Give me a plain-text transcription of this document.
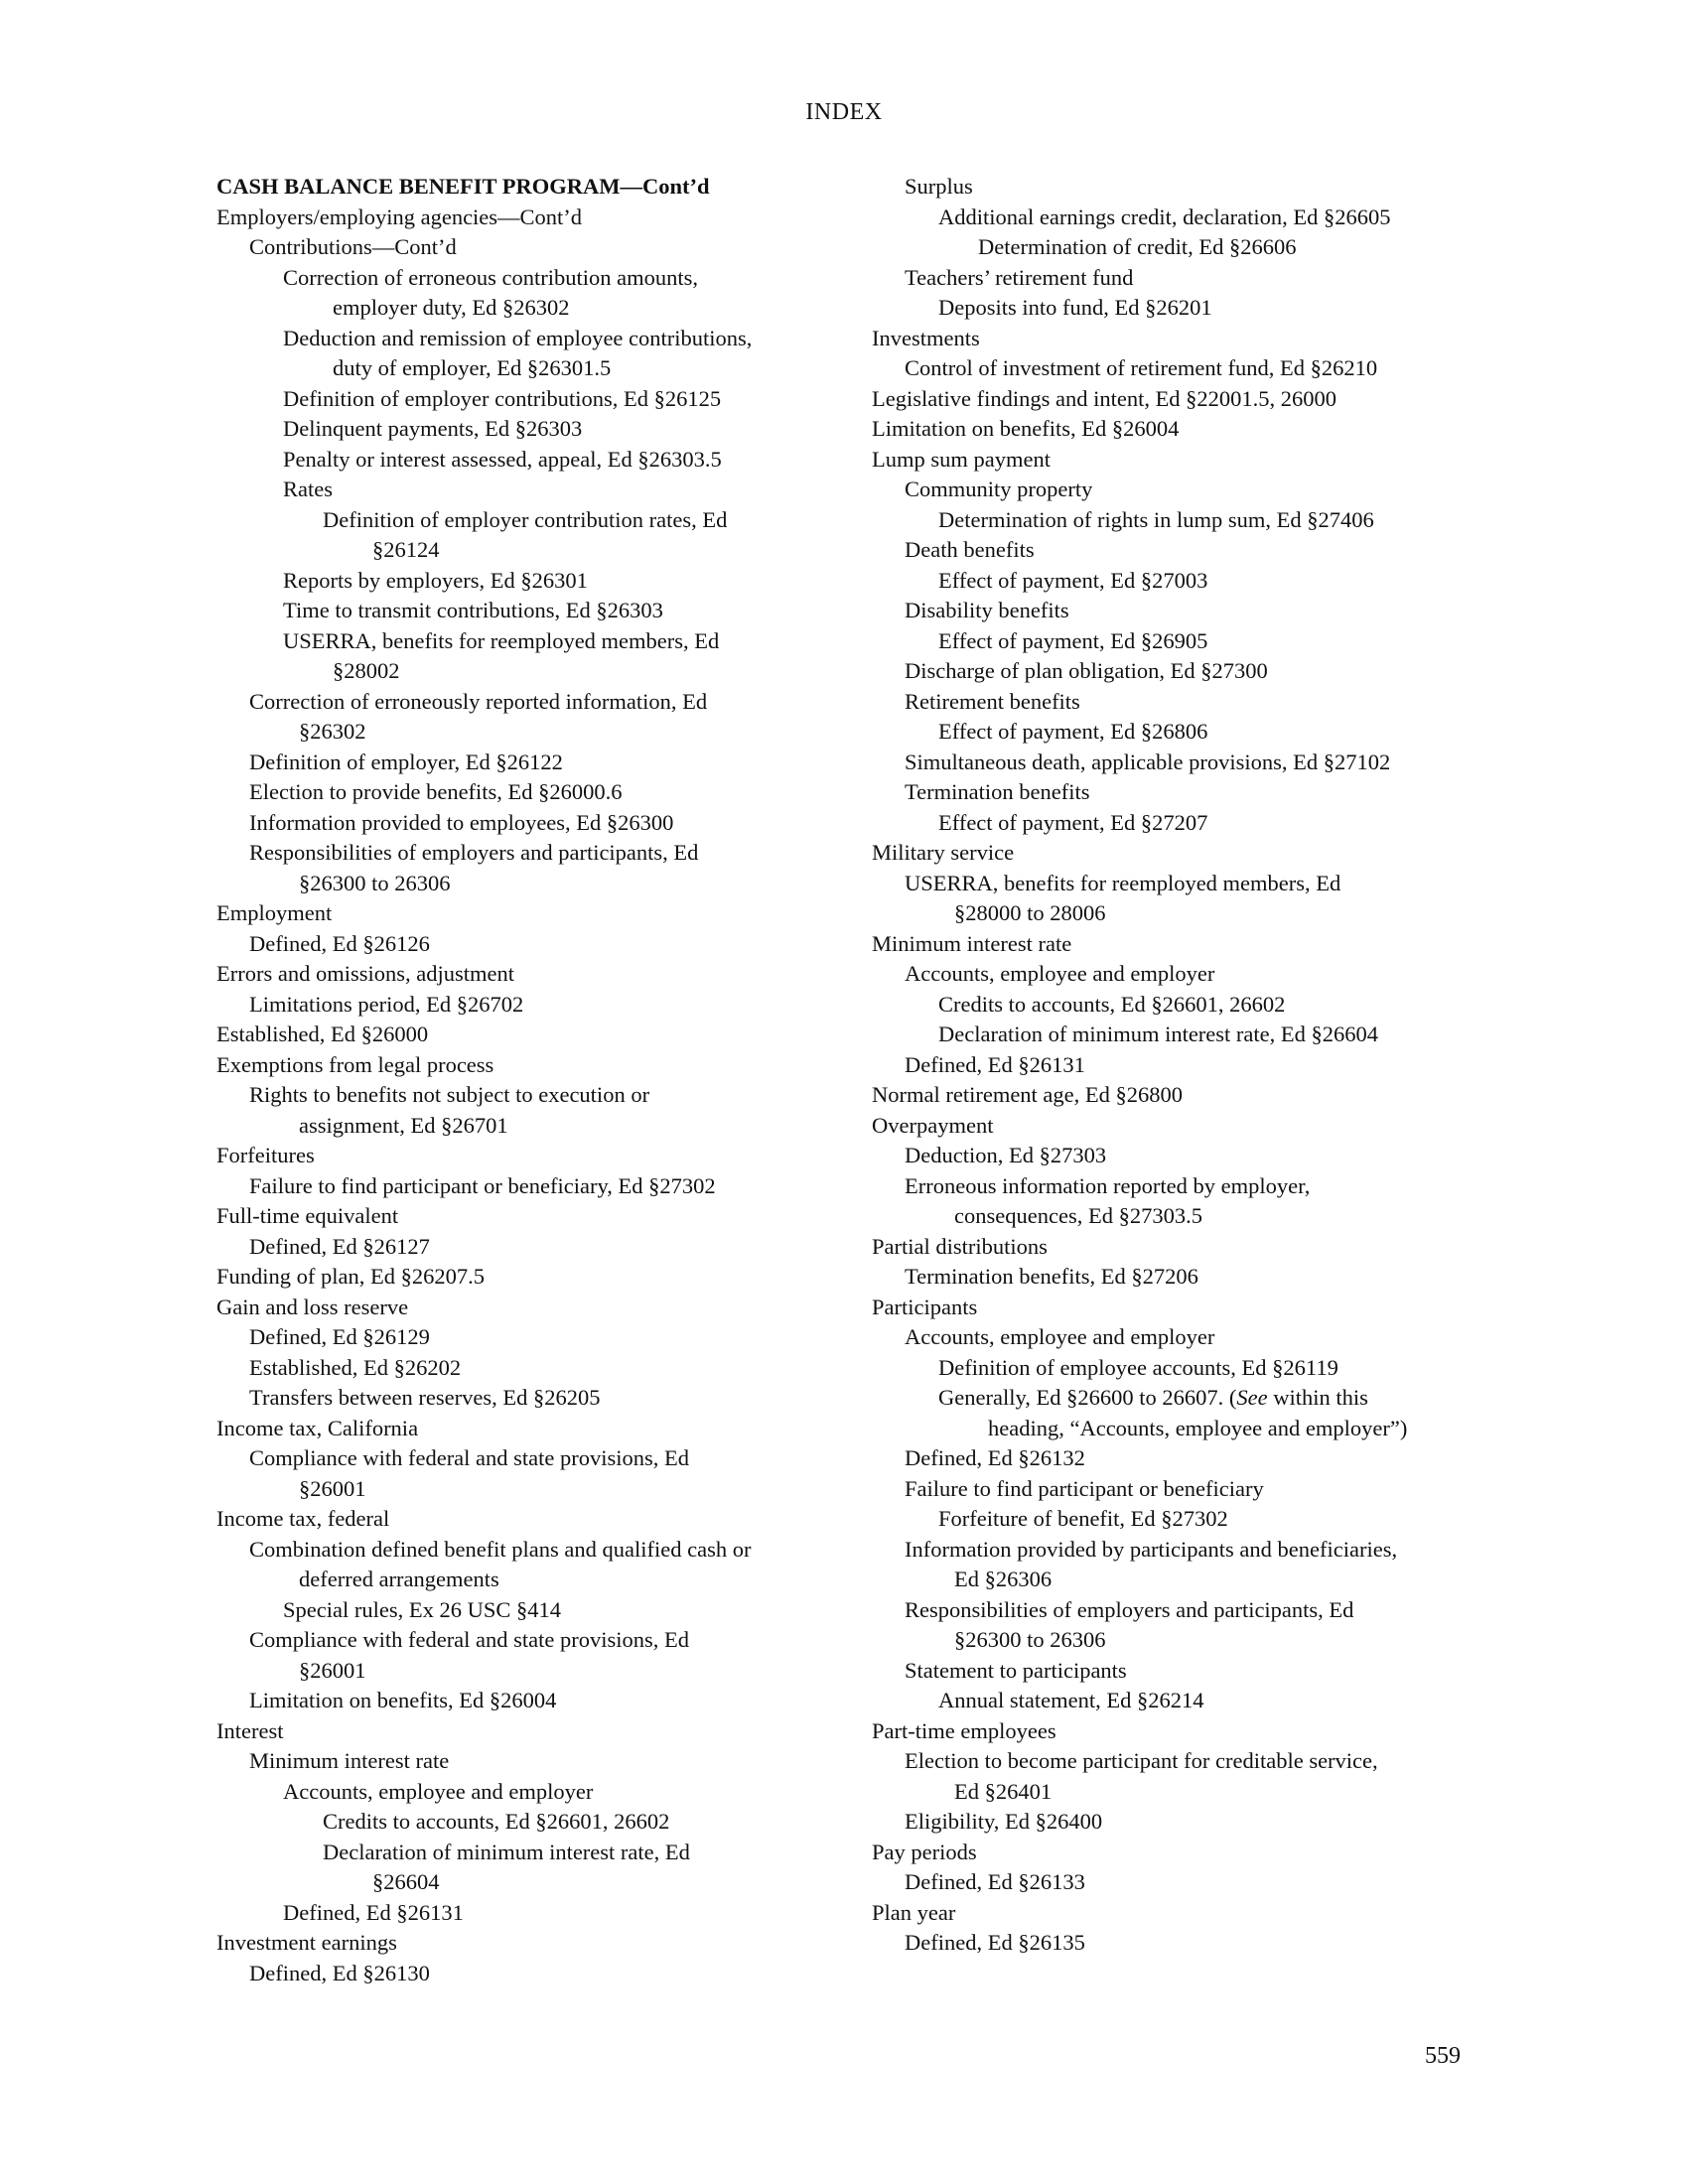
INDEX
CASH BALANCE BENEFIT PROGRAM—Cont’d
Employers/employing agencies—Cont’d
Contributions—Cont’d
Correction of erroneous contribution amounts,
employer duty, Ed §26302
Deduction and remission of employee contributions,
duty of employer, Ed §26301.5
Definition of employer contributions, Ed §26125
Delinquent payments, Ed §26303
Penalty or interest assessed, appeal, Ed §26303.5
Rates
Definition of employer contribution rates, Ed
§26124
Reports by employers, Ed §26301
Time to transmit contributions, Ed §26303
USERRA, benefits for reemployed members, Ed
§28002
Correction of erroneously reported information, Ed
§26302
Definition of employer, Ed §26122
Election to provide benefits, Ed §26000.6
Information provided to employees, Ed §26300
Responsibilities of employers and participants, Ed
§26300 to 26306
Employment
Defined, Ed §26126
Errors and omissions, adjustment
Limitations period, Ed §26702
Established, Ed §26000
Exemptions from legal process
Rights to benefits not subject to execution or
assignment, Ed §26701
Forfeitures
Failure to find participant or beneficiary, Ed §27302
Full-time equivalent
Defined, Ed §26127
Funding of plan, Ed §26207.5
Gain and loss reserve
Defined, Ed §26129
Established, Ed §26202
Transfers between reserves, Ed §26205
Income tax, California
Compliance with federal and state provisions, Ed
§26001
Income tax, federal
Combination defined benefit plans and qualified cash or
deferred arrangements
Special rules, Ex 26 USC §414
Compliance with federal and state provisions, Ed
§26001
Limitation on benefits, Ed §26004
Interest
Minimum interest rate
Accounts, employee and employer
Credits to accounts, Ed §26601, 26602
Declaration of minimum interest rate, Ed
§26604
Defined, Ed §26131
Investment earnings
Defined, Ed §26130
Surplus
Additional earnings credit, declaration, Ed §26605
Determination of credit, Ed §26606
Teachers’ retirement fund
Deposits into fund, Ed §26201
Investments
Control of investment of retirement fund, Ed §26210
Legislative findings and intent, Ed §22001.5, 26000
Limitation on benefits, Ed §26004
Lump sum payment
Community property
Determination of rights in lump sum, Ed §27406
Death benefits
Effect of payment, Ed §27003
Disability benefits
Effect of payment, Ed §26905
Discharge of plan obligation, Ed §27300
Retirement benefits
Effect of payment, Ed §26806
Simultaneous death, applicable provisions, Ed §27102
Termination benefits
Effect of payment, Ed §27207
Military service
USERRA, benefits for reemployed members, Ed
§28000 to 28006
Minimum interest rate
Accounts, employee and employer
Credits to accounts, Ed §26601, 26602
Declaration of minimum interest rate, Ed §26604
Defined, Ed §26131
Normal retirement age, Ed §26800
Overpayment
Deduction, Ed §27303
Erroneous information reported by employer,
consequences, Ed §27303.5
Partial distributions
Termination benefits, Ed §27206
Participants
Accounts, employee and employer
Definition of employee accounts, Ed §26119
Generally, Ed §26600 to 26607. (See within this
heading, “Accounts, employee and employer”)
Defined, Ed §26132
Failure to find participant or beneficiary
Forfeiture of benefit, Ed §27302
Information provided by participants and beneficiaries,
Ed §26306
Responsibilities of employers and participants, Ed
§26300 to 26306
Statement to participants
Annual statement, Ed §26214
Part-time employees
Election to become participant for creditable service,
Ed §26401
Eligibility, Ed §26400
Pay periods
Defined, Ed §26133
Plan year
Defined, Ed §26135
559
